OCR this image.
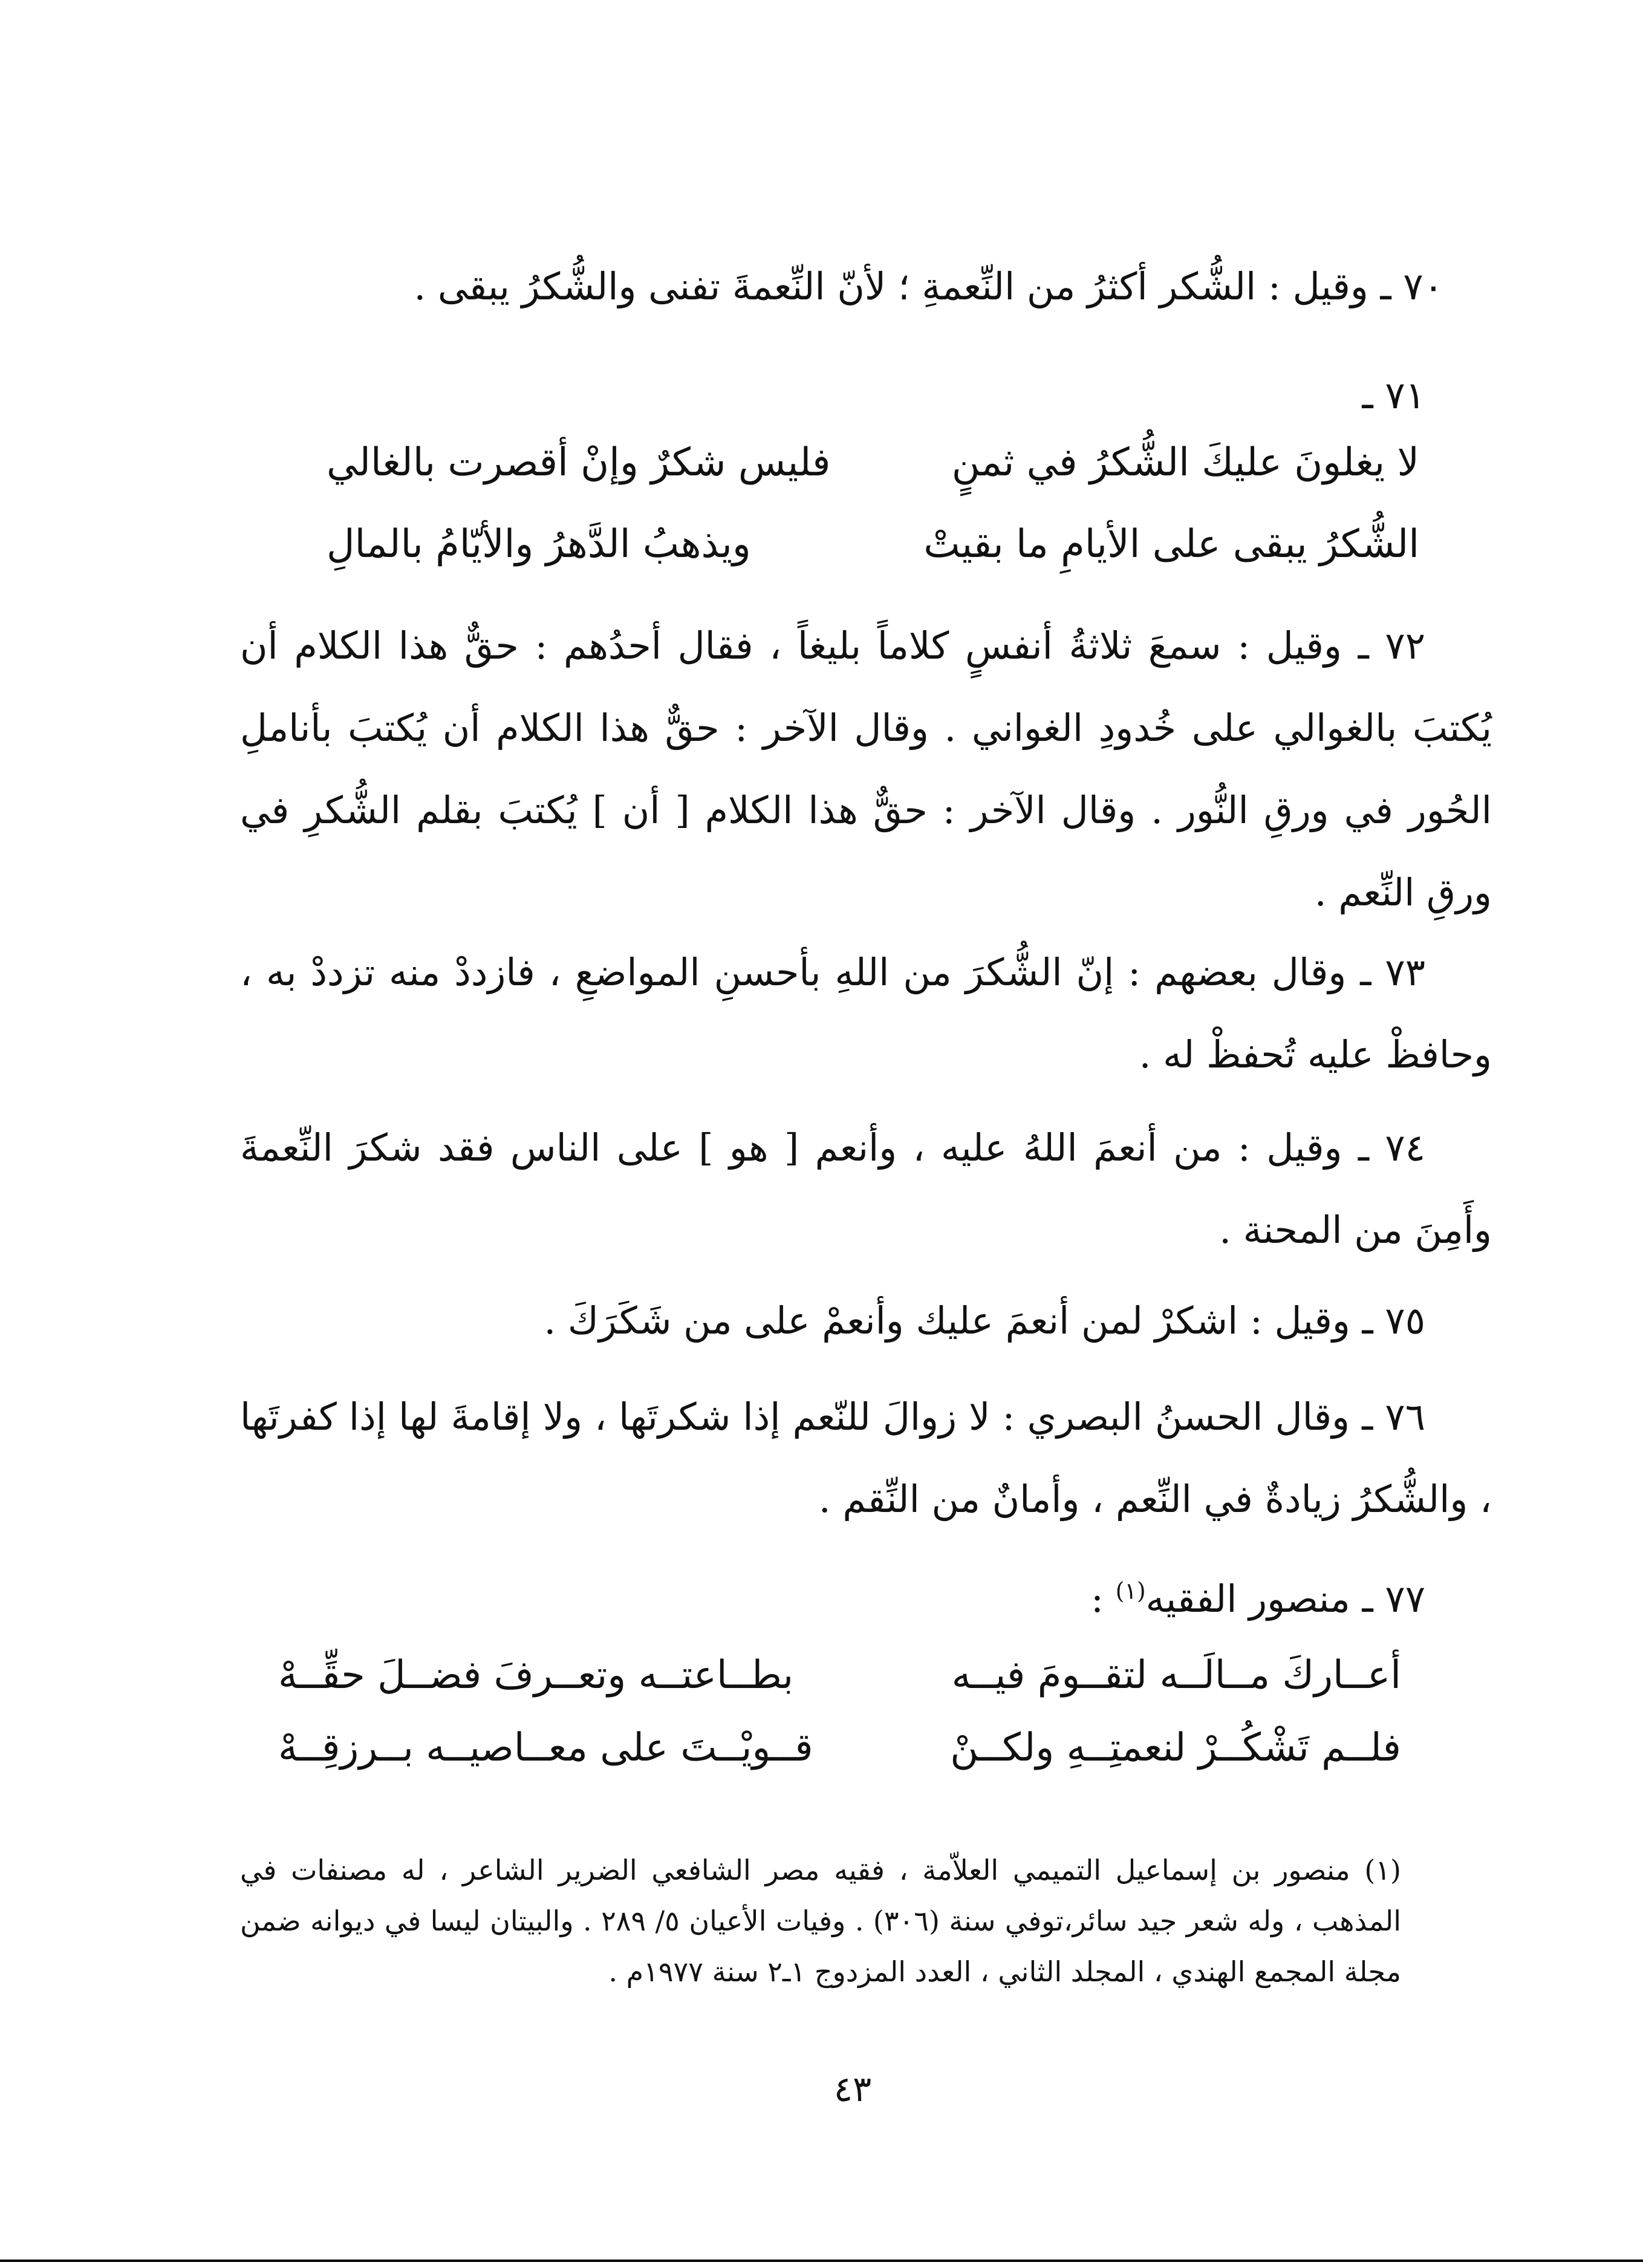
٧٠ ـ وقيل : الشُّكر أكثرُ من النِّعمةِ ؛ لأنّ النِّعمةَ تفنى والشُّكرُ يبقى .
٧١ ـ
لا يغلونَ عليكَ الشُّكرُ في ثمنٍ
فليس شكرٌ وإنْ أقصرت بالغالي
الشُّكرُ يبقى على الأيامِ ما بقيتْ
ويذهبُ الدَّهرُ والأيّامُ بالمالِ
٧٢ ـ وقيل : سمعَ ثلاثةُ أنفسٍ كلاماً بليغاً ، فقال أحدُهم : حقٌّ هذا الكلام أن يُكتبَ بالغوالي على خُدودِ الغواني . وقال الآخر : حقٌّ هذا الكلام أن يُكتبَ بأناملِ الحُور في ورقِ النُّور . وقال الآخر : حقٌّ هذا الكلام [ أن ] يُكتبَ بقلم الشُّكرِ في ورقِ النِّعم .
٧٣ ـ وقال بعضهم : إنّ الشُّكرَ من اللهِ بأحسنِ المواضعِ ، فازددْ منه تزددْ به ، وحافظْ عليه تُحفظْ له .
٧٤ ـ وقيل : من أنعمَ اللهُ عليه ، وأنعم [ هو ] على الناس فقد شكرَ النِّعمةَ وأَمِنَ من المحنة .
٧٥ ـ وقيل : اشكرْ لمن أنعمَ عليك وأنعمْ على من شَكَرَكَ .
٧٦ ـ وقال الحسنُ البصري : لا زوالَ للنّعم إذا شكرتَها ، ولا إقامةَ لها إذا كفرتَها ، والشُّكرُ زيادةٌ في النِّعم ، وأمانٌ من النِّقم .
٧٧ ـ منصور الفقيه$^{(١)}$ :
أعــاركَ مــالَــه لتقــومَ فيــه
بطــاعتــه وتعــرفَ فضــلَ حقِّــهْ
فلــم تَشْكُــرْ لنعمتِــهِ ولكــنْ
قــويْــتَ على معــاصيــه بــرزقِــهْ
(١) منصور بن إسماعيل التميمي العلاّمة ، فقيه مصر الشافعي الضرير الشاعر ، له مصنفات في المذهب ، وله شعر جيد سائر،توفي سنة (٣٠٦) . وفيات الأعيان ٥/ ٢٨٩ . والبيتان ليسا في ديوانه ضمن مجلة المجمع الهندي ، المجلد الثاني ، العدد المزدوج ١ـ٢ سنة ١٩٧٧م .
٤٣
